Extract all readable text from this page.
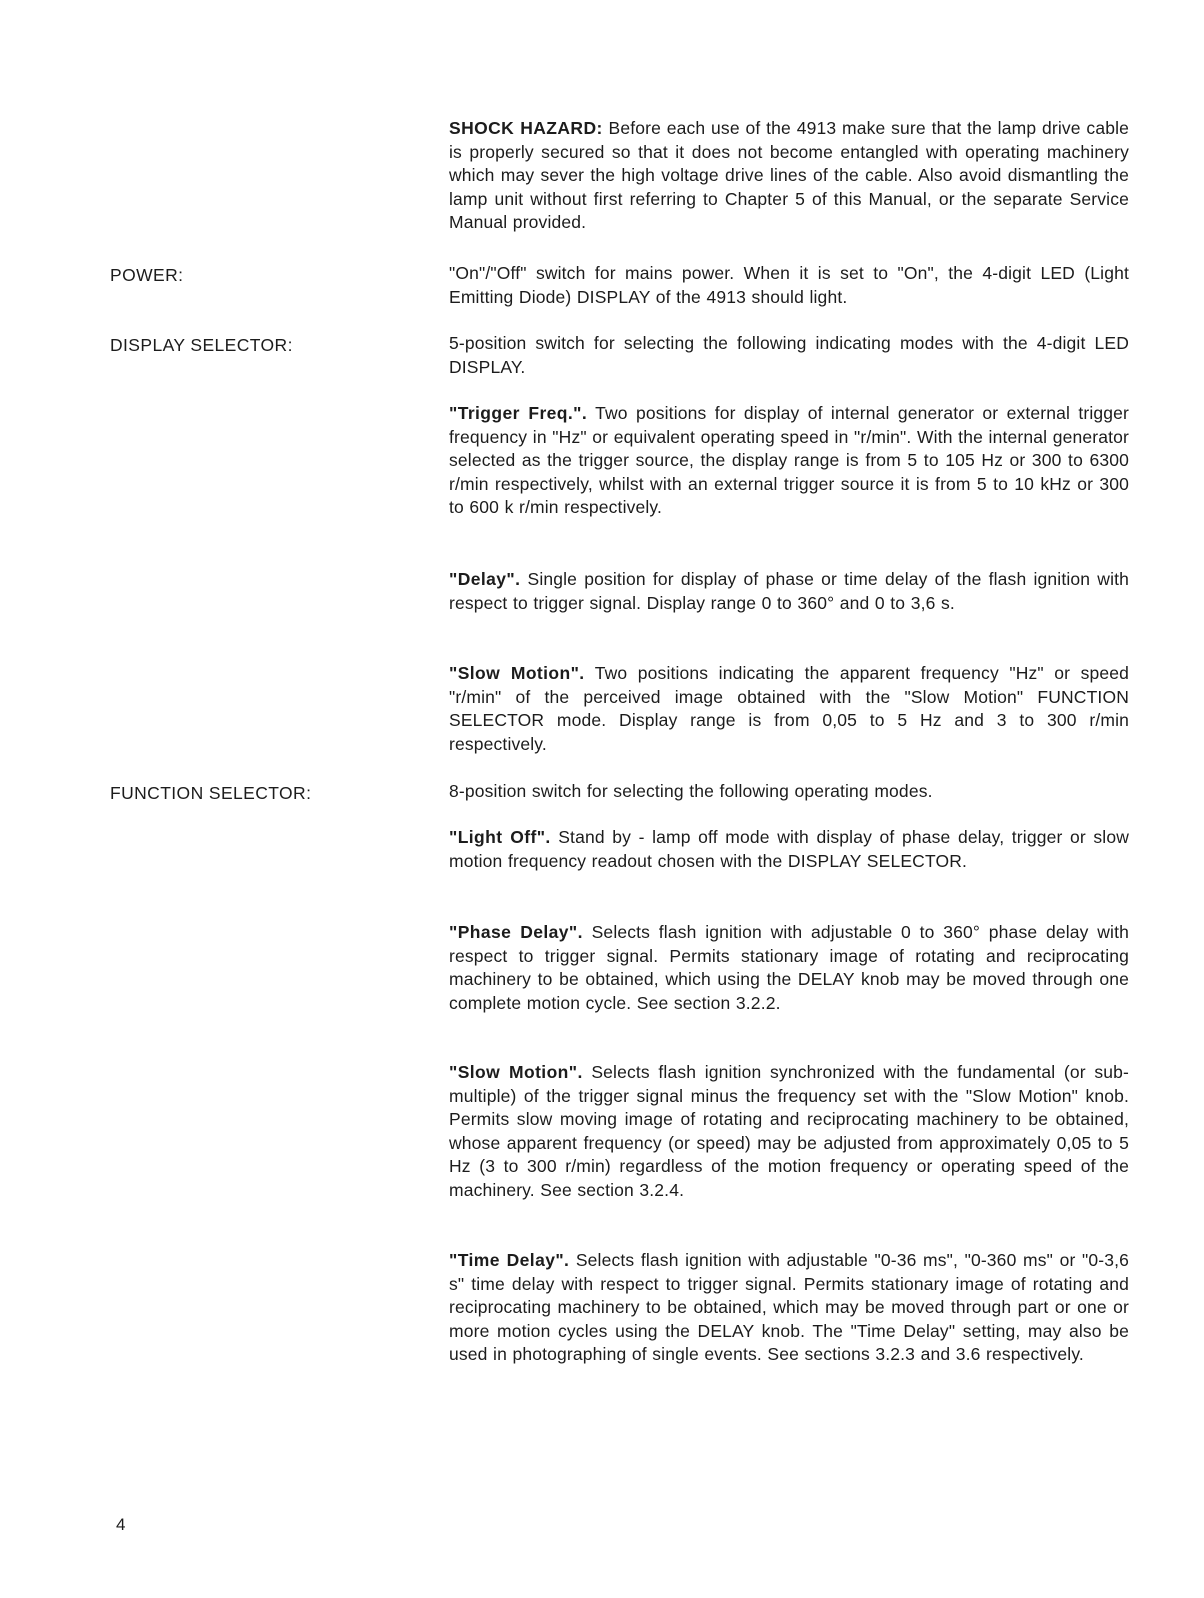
SHOCK HAZARD: Before each use of the 4913 make sure that the lamp drive cable is properly secured so that it does not become entangled with operating machinery which may sever the high voltage drive lines of the cable. Also avoid dismantling the lamp unit without first referring to Chapter 5 of this Manual, or the separate Service Manual provided.

POWER:	"On"/"Off" switch for mains power. When it is set to "On", the 4-digit LED (Light Emitting Diode) DISPLAY of the 4913 should light.

DISPLAY SELECTOR:	5-position switch for selecting the following indicating modes with the 4-digit LED DISPLAY.

"Trigger Freq.". Two positions for display of internal generator or external trigger frequency in "Hz" or equivalent operating speed in "r/min". With the internal generator selected as the trigger source, the display range is from 5 to 105 Hz or 300 to 6300 r/min respectively, whilst with an external trigger source it is from 5 to 10 kHz or 300 to 600 k r/min respectively.

"Delay". Single position for display of phase or time delay of the flash ignition with respect to trigger signal. Display range 0 to 360° and 0 to 3,6 s.

"Slow Motion". Two positions indicating the apparent frequency "Hz" or speed "r/min" of the perceived image obtained with the "Slow Motion" FUNCTION SELECTOR mode. Display range is from 0,05 to 5 Hz and 3 to 300 r/min respectively.

FUNCTION SELECTOR:	8-position switch for selecting the following operating modes.

"Light Off". Stand by - lamp off mode with display of phase delay, trigger or slow motion frequency readout chosen with the DISPLAY SELECTOR.

"Phase Delay". Selects flash ignition with adjustable 0 to 360° phase delay with respect to trigger signal. Permits stationary image of rotating and reciprocating machinery to be obtained, which using the DELAY knob may be moved through one complete motion cycle. See section 3.2.2.

"Slow Motion". Selects flash ignition synchronized with the fundamental (or sub-multiple) of the trigger signal minus the frequency set with the "Slow Motion" knob. Permits slow moving image of rotating and reciprocating machinery to be obtained, whose apparent frequency (or speed) may be adjusted from approximately 0,05 to 5 Hz (3 to 300 r/min) regardless of the motion frequency or operating speed of the machinery. See section 3.2.4.

"Time Delay". Selects flash ignition with adjustable "0-36 ms", "0-360 ms" or "0-3,6 s" time delay with respect to trigger signal. Permits stationary image of rotating and reciprocating machinery to be obtained, which may be moved through part or one or more motion cycles using the DELAY knob. The "Time Delay" setting, may also be used in photographing of single events. See sections 3.2.3 and 3.6 respectively.

4
